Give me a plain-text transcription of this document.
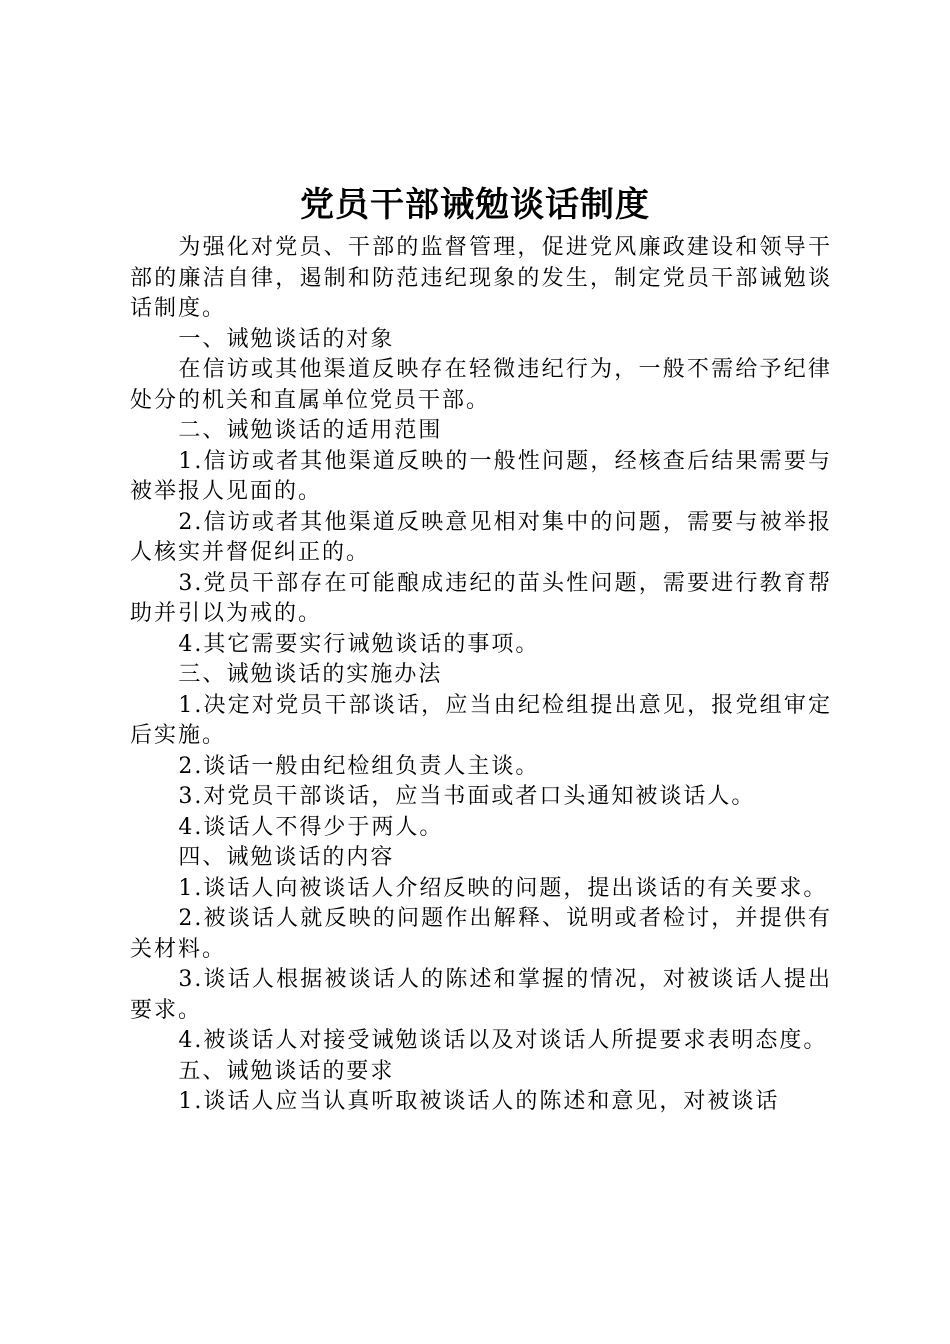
党员干部诫勉谈话制度

为强化对党员、干部的监督管理，促进党风廉政建设和领导干部的廉洁自律，遏制和防范违纪现象的发生，制定党员干部诫勉谈话制度。

一、诫勉谈话的对象

在信访或其他渠道反映存在轻微违纪行为，一般不需给予纪律处分的机关和直属单位党员干部。

二、诫勉谈话的适用范围

1.信访或者其他渠道反映的一般性问题，经核查后结果需要与被举报人见面的。

2.信访或者其他渠道反映意见相对集中的问题，需要与被举报人核实并督促纠正的。

3.党员干部存在可能酿成违纪的苗头性问题，需要进行教育帮助并引以为戒的。

4.其它需要实行诫勉谈话的事项。

三、诫勉谈话的实施办法

1.决定对党员干部谈话，应当由纪检组提出意见，报党组审定后实施。

2.谈话一般由纪检组负责人主谈。

3.对党员干部谈话，应当书面或者口头通知被谈话人。

4.谈话人不得少于两人。

四、诫勉谈话的内容

1.谈话人向被谈话人介绍反映的问题，提出谈话的有关要求。

2.被谈话人就反映的问题作出解释、说明或者检讨，并提供有关材料。

3.谈话人根据被谈话人的陈述和掌握的情况，对被谈话人提出要求。

4.被谈话人对接受诫勉谈话以及对谈话人所提要求表明态度。

五、诫勉谈话的要求

1.谈话人应当认真听取被谈话人的陈述和意见，对被谈话
